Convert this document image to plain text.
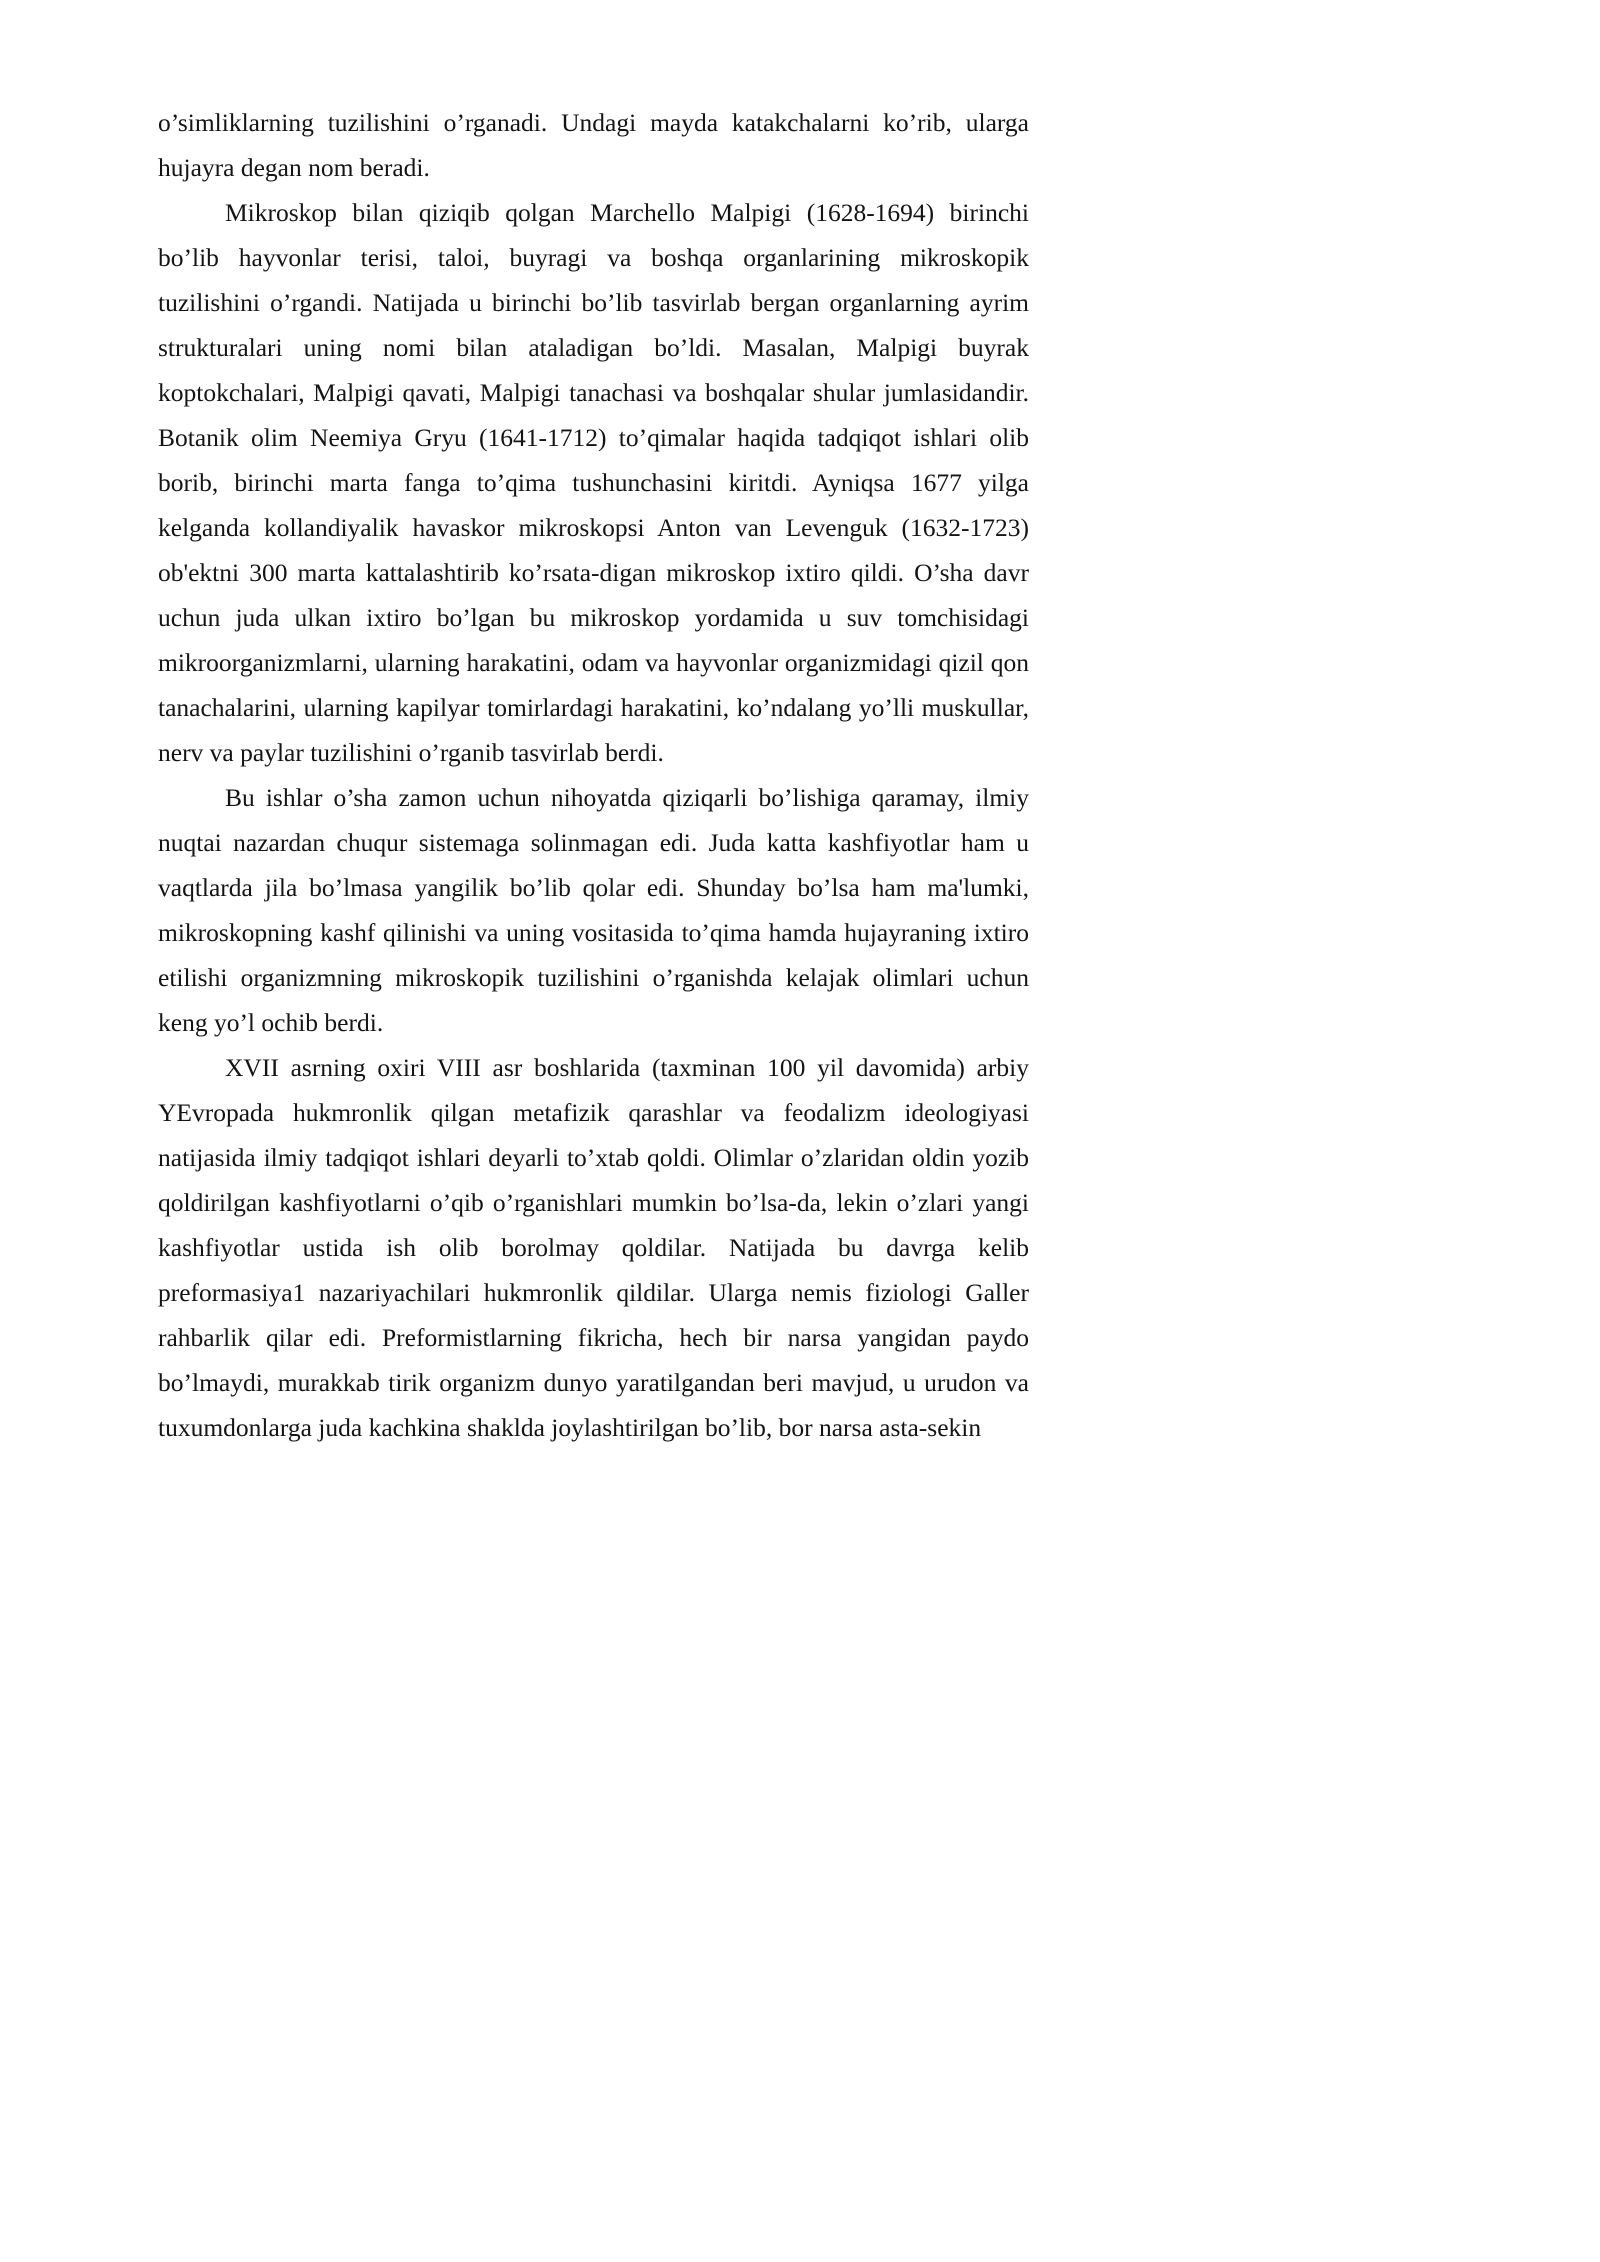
o’simliklarning tuzilishini o’rganadi. Undagi mayda katakchalarni ko’rib, ularga hujayra degan nom beradi.

Mikroskop bilan qiziqib qolgan Marchello Malpigi (1628-1694) birinchi bo’lib hayvonlar terisi, taloi, buyragi va boshqa organlarining mikroskopik tuzilishini o’rgandi. Natijada u birinchi bo’lib tasvirlab bergan organlarning ayrim strukturalari uning nomi bilan ataladigan bo’ldi. Masalan, Malpigi buyrak koptokchalari, Malpigi qavati, Malpigi tanachasi va boshqalar shular jumlasidandir. Botanik olim Neemiya Gryu (1641-1712) to’qimalar haqida tadqiqot ishlari olib borib, birinchi marta fanga to’qima tushunchasini kiritdi. Ayniqsa 1677 yilga kelganda kollandiyalik havaskor mikroskopsi Anton van Levenguk (1632-1723) ob'ektni 300 marta kattalashtirib ko’rsata-digan mikroskop ixtiro qildi. O’sha davr uchun juda ulkan ixtiro bo’lgan bu mikroskop yordamida u suv tomchisidagi mikroorganizmlarni, ularning harakatini, odam va hayvonlar organizmidagi qizil qon tanachalarini, ularning kapilyar tomirlardagi harakatini, ko’ndalang yo’lli muskullar, nerv va paylar tuzilishini o’rganib tasvirlab berdi.

Bu ishlar o’sha zamon uchun nihoyatda qiziqarli bo’lishiga qaramay, ilmiy nuqtai nazardan chuqur sistemaga solinmagan edi. Juda katta kashfiyotlar ham u vaqtlarda jila bo’lmasa yangilik bo’lib qolar edi. Shunday bo’lsa ham ma'lumki, mikroskopning kashf qilinishi va uning vositasida to’qima hamda hujayraning ixtiro etilishi organizmning mikroskopik tuzilishini o’rganishda kelajak olimlari uchun keng yo’l ochib berdi.

XVII asrning oxiri VIII asr boshlarida (taxminan 100 yil davomida) arbiy YEvropada hukmronlik qilgan metafizik qarashlar va feodalizm ideologiyasi natijasida ilmiy tadqiqot ishlari deyarli to’xtab qoldi. Olimlar o’zlaridan oldin yozib qoldirilgan kashfiyotlarni o’qib o’rganishlari mumkin bo’lsa-da, lekin o’zlari yangi kashfiyotlar ustida ish olib borolmay qoldilar. Natijada bu davrga kelib preformasiya1 nazariyachilari hukmronlik qildilar. Ularga nemis fiziologi Galler rahbarlik qilar edi. Preformistlarning fikricha, hech bir narsa yangidan paydo bo’lmaydi, murakkab tirik organizm dunyo yaratilgandan beri mavjud, u urudon va tuxumdonlarga juda kachkina shaklda joylashtirilgan bo’lib, bor narsa asta-sekin
